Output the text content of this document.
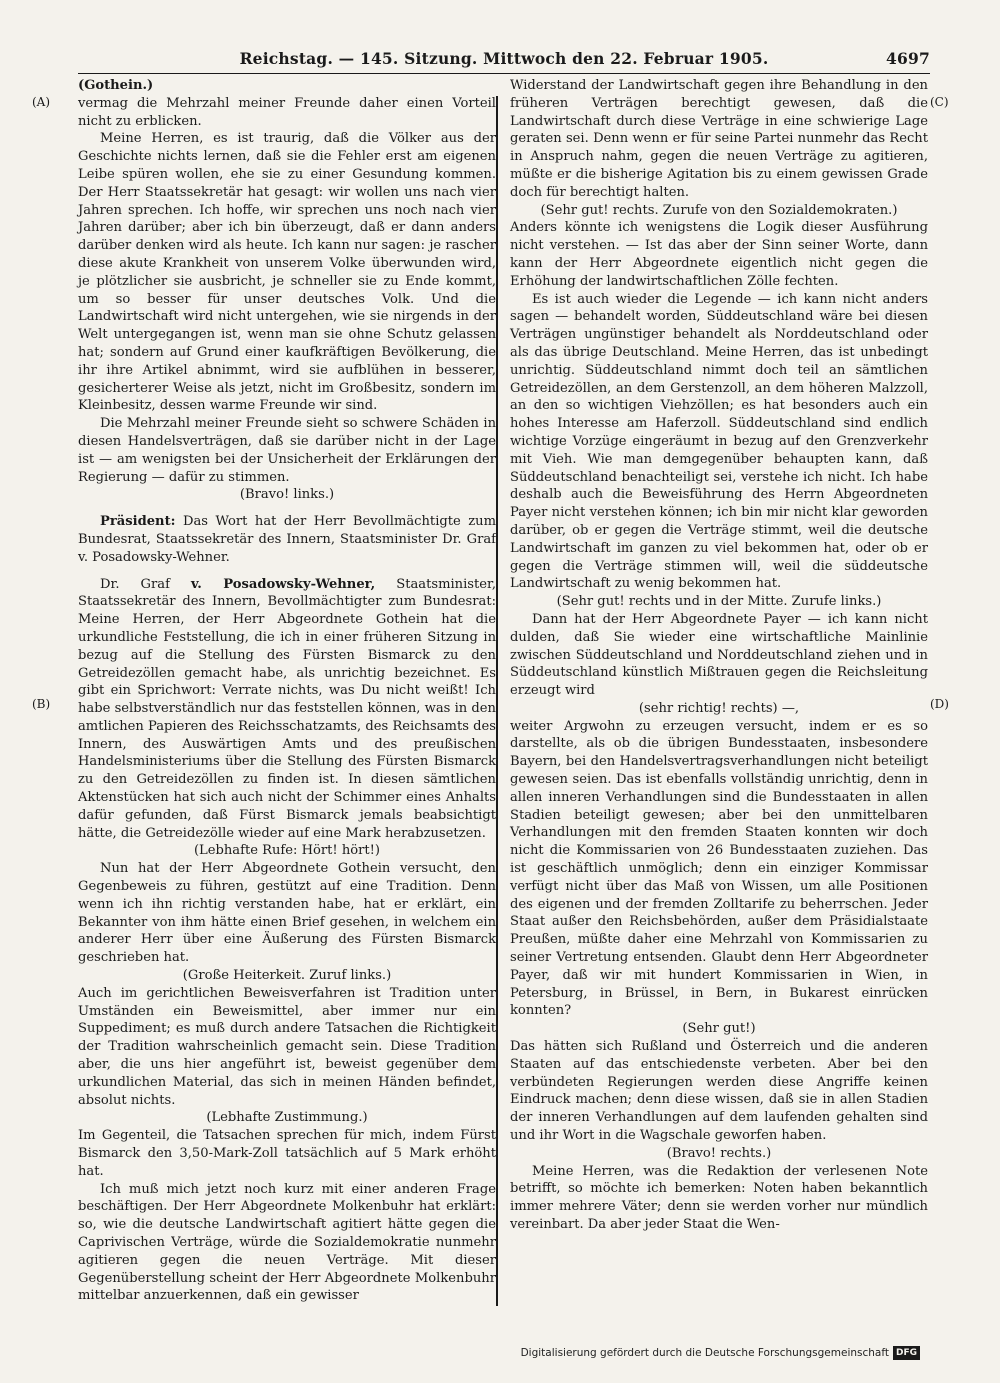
Reichstag. — 145. Sitzung. Mittwoch den 22. Februar 1905.	4697
(A)
(B)
(C)
(D)

(Gothein.)

vermag die Mehrzahl meiner Freunde daher einen Vorteil nicht zu erblicken.

Meine Herren, es ist traurig, daß die Völker aus der Geschichte nichts lernen, daß sie die Fehler erst am eigenen Leibe spüren wollen, ehe sie zu einer Gesundung kommen. Der Herr Staatssekretär hat gesagt: wir wollen uns nach vier Jahren sprechen. Ich hoffe, wir sprechen uns noch nach vier Jahren darüber; aber ich bin überzeugt, daß er dann anders darüber denken wird als heute. Ich kann nur sagen: je rascher diese akute Krankheit von unserem Volke überwunden wird, je plötzlicher sie ausbricht, je schneller sie zu Ende kommt, um so besser für unser deutsches Volk. Und die Landwirtschaft wird nicht untergehen, wie sie nirgends in der Welt untergegangen ist, wenn man sie ohne Schutz gelassen hat; sondern auf Grund einer kaufkräftigen Bevölkerung, die ihr ihre Artikel abnimmt, wird sie aufblühen in besserer, gesicherterer Weise als jetzt, nicht im Großbesitz, sondern im Kleinbesitz, dessen warme Freunde wir sind.

Die Mehrzahl meiner Freunde sieht so schwere Schäden in diesen Handelsverträgen, daß sie darüber nicht in der Lage ist — am wenigsten bei der Unsicherheit der Erklärungen der Regierung — dafür zu stimmen.

(Bravo! links.)

Präsident: Das Wort hat der Herr Bevollmächtigte zum Bundesrat, Staatssekretär des Innern, Staatsminister Dr. Graf v. Posadowsky-Wehner.

Dr. Graf v. Posadowsky-Wehner, Staatsminister, Staatssekretär des Innern, Bevollmächtigter zum Bundesrat: Meine Herren, der Herr Abgeordnete Gothein hat die urkundliche Feststellung, die ich in einer früheren Sitzung in bezug auf die Stellung des Fürsten Bismarck zu den Getreidezöllen gemacht habe, als unrichtig bezeichnet. Es gibt ein Sprichwort: Verrate nichts, was Du nicht weißt! Ich habe selbstverständlich nur das feststellen können, was in den amtlichen Papieren des Reichsschatzamts, des Reichsamts des Innern, des Auswärtigen Amts und des preußischen Handelsministeriums über die Stellung des Fürsten Bismarck zu den Getreidezöllen zu finden ist. In diesen sämtlichen Aktenstücken hat sich auch nicht der Schimmer eines Anhalts dafür gefunden, daß Fürst Bismarck jemals beabsichtigt hätte, die Getreidezölle wieder auf eine Mark herabzusetzen.

(Lebhafte Rufe: Hört! hört!)

Nun hat der Herr Abgeordnete Gothein versucht, den Gegenbeweis zu führen, gestützt auf eine Tradition. Denn wenn ich ihn richtig verstanden habe, hat er erklärt, ein Bekannter von ihm hätte einen Brief gesehen, in welchem ein anderer Herr über eine Äußerung des Fürsten Bismarck geschrieben hat.

(Große Heiterkeit. Zuruf links.)

Auch im gerichtlichen Beweisverfahren ist Tradition unter Umständen ein Beweismittel, aber immer nur ein Suppediment; es muß durch andere Tatsachen die Richtigkeit der Tradition wahrscheinlich gemacht sein. Diese Tradition aber, die uns hier angeführt ist, beweist gegenüber dem urkundlichen Material, das sich in meinen Händen befindet, absolut nichts.

(Lebhafte Zustimmung.)

Im Gegenteil, die Tatsachen sprechen für mich, indem Fürst Bismarck den 3,50-Mark-Zoll tatsächlich auf 5 Mark erhöht hat.

Ich muß mich jetzt noch kurz mit einer anderen Frage beschäftigen. Der Herr Abgeordnete Molkenbuhr hat erklärt: so, wie die deutsche Landwirtschaft agitiert hätte gegen die Caprivischen Verträge, würde die Sozialdemokratie nunmehr agitieren gegen die neuen Verträge. Mit dieser Gegenüberstellung scheint der Herr Abgeordnete Molkenbuhr mittelbar anzuerkennen, daß ein gewisser

Widerstand der Landwirtschaft gegen ihre Behandlung in den früheren Verträgen berechtigt gewesen, daß die Landwirtschaft durch diese Verträge in eine schwierige Lage geraten sei. Denn wenn er für seine Partei nunmehr das Recht in Anspruch nahm, gegen die neuen Verträge zu agitieren, müßte er die bisherige Agitation bis zu einem gewissen Grade doch für berechtigt halten.

(Sehr gut! rechts. Zurufe von den Sozialdemokraten.)

Anders könnte ich wenigstens die Logik dieser Ausführung nicht verstehen. — Ist das aber der Sinn seiner Worte, dann kann der Herr Abgeordnete eigentlich nicht gegen die Erhöhung der landwirtschaftlichen Zölle fechten.

Es ist auch wieder die Legende — ich kann nicht anders sagen — behandelt worden, Süddeutschland wäre bei diesen Verträgen ungünstiger behandelt als Norddeutschland oder als das übrige Deutschland. Meine Herren, das ist unbedingt unrichtig. Süddeutschland nimmt doch teil an sämtlichen Getreidezöllen, an dem Gerstenzoll, an dem höheren Malzzoll, an den so wichtigen Viehzöllen; es hat besonders auch ein hohes Interesse am Haferzoll. Süddeutschland sind endlich wichtige Vorzüge eingeräumt in bezug auf den Grenzverkehr mit Vieh. Wie man demgegenüber behaupten kann, daß Süddeutschland benachteiligt sei, verstehe ich nicht. Ich habe deshalb auch die Beweisführung des Herrn Abgeordneten Payer nicht verstehen können; ich bin mir nicht klar geworden darüber, ob er gegen die Verträge stimmt, weil die deutsche Landwirtschaft im ganzen zu viel bekommen hat, oder ob er gegen die Verträge stimmen will, weil die süddeutsche Landwirtschaft zu wenig bekommen hat.

(Sehr gut! rechts und in der Mitte. Zurufe links.)

Dann hat der Herr Abgeordnete Payer — ich kann nicht dulden, daß Sie wieder eine wirtschaftliche Mainlinie zwischen Süddeutschland und Norddeutschland ziehen und in Süddeutschland künstlich Mißtrauen gegen die Reichsleitung erzeugt wird

(sehr richtig! rechts) —,

weiter Argwohn zu erzeugen versucht, indem er es so darstellte, als ob die übrigen Bundesstaaten, insbesondere Bayern, bei den Handelsvertragsverhandlungen nicht beteiligt gewesen seien. Das ist ebenfalls vollständig unrichtig, denn in allen inneren Verhandlungen sind die Bundesstaaten in allen Stadien beteiligt gewesen; aber bei den unmittelbaren Verhandlungen mit den fremden Staaten konnten wir doch nicht die Kommissarien von 26 Bundesstaaten zuziehen. Das ist geschäftlich unmöglich; denn ein einziger Kommissar verfügt nicht über das Maß von Wissen, um alle Positionen des eigenen und der fremden Zolltarife zu beherrschen. Jeder Staat außer den Reichsbehörden, außer dem Präsidialstaate Preußen, müßte daher eine Mehrzahl von Kommissarien zu seiner Vertretung entsenden. Glaubt denn Herr Abgeordneter Payer, daß wir mit hundert Kommissarien in Wien, in Petersburg, in Brüssel, in Bern, in Bukarest einrücken konnten?

(Sehr gut!)

Das hätten sich Rußland und Österreich und die anderen Staaten auf das entschiedenste verbeten. Aber bei den verbündeten Regierungen werden diese Angriffe keinen Eindruck machen; denn diese wissen, daß sie in allen Stadien der inneren Verhandlungen auf dem laufenden gehalten sind und ihr Wort in die Wagschale geworfen haben.

(Bravo! rechts.)

Meine Herren, was die Redaktion der verlesenen Note betrifft, so möchte ich bemerken: Noten haben bekanntlich immer mehrere Väter; denn sie werden vorher nur mündlich vereinbart. Da aber jeder Staat die Wen-

Digitalisierung gefördert durch die Deutsche Forschungsgemeinschaft DFG
